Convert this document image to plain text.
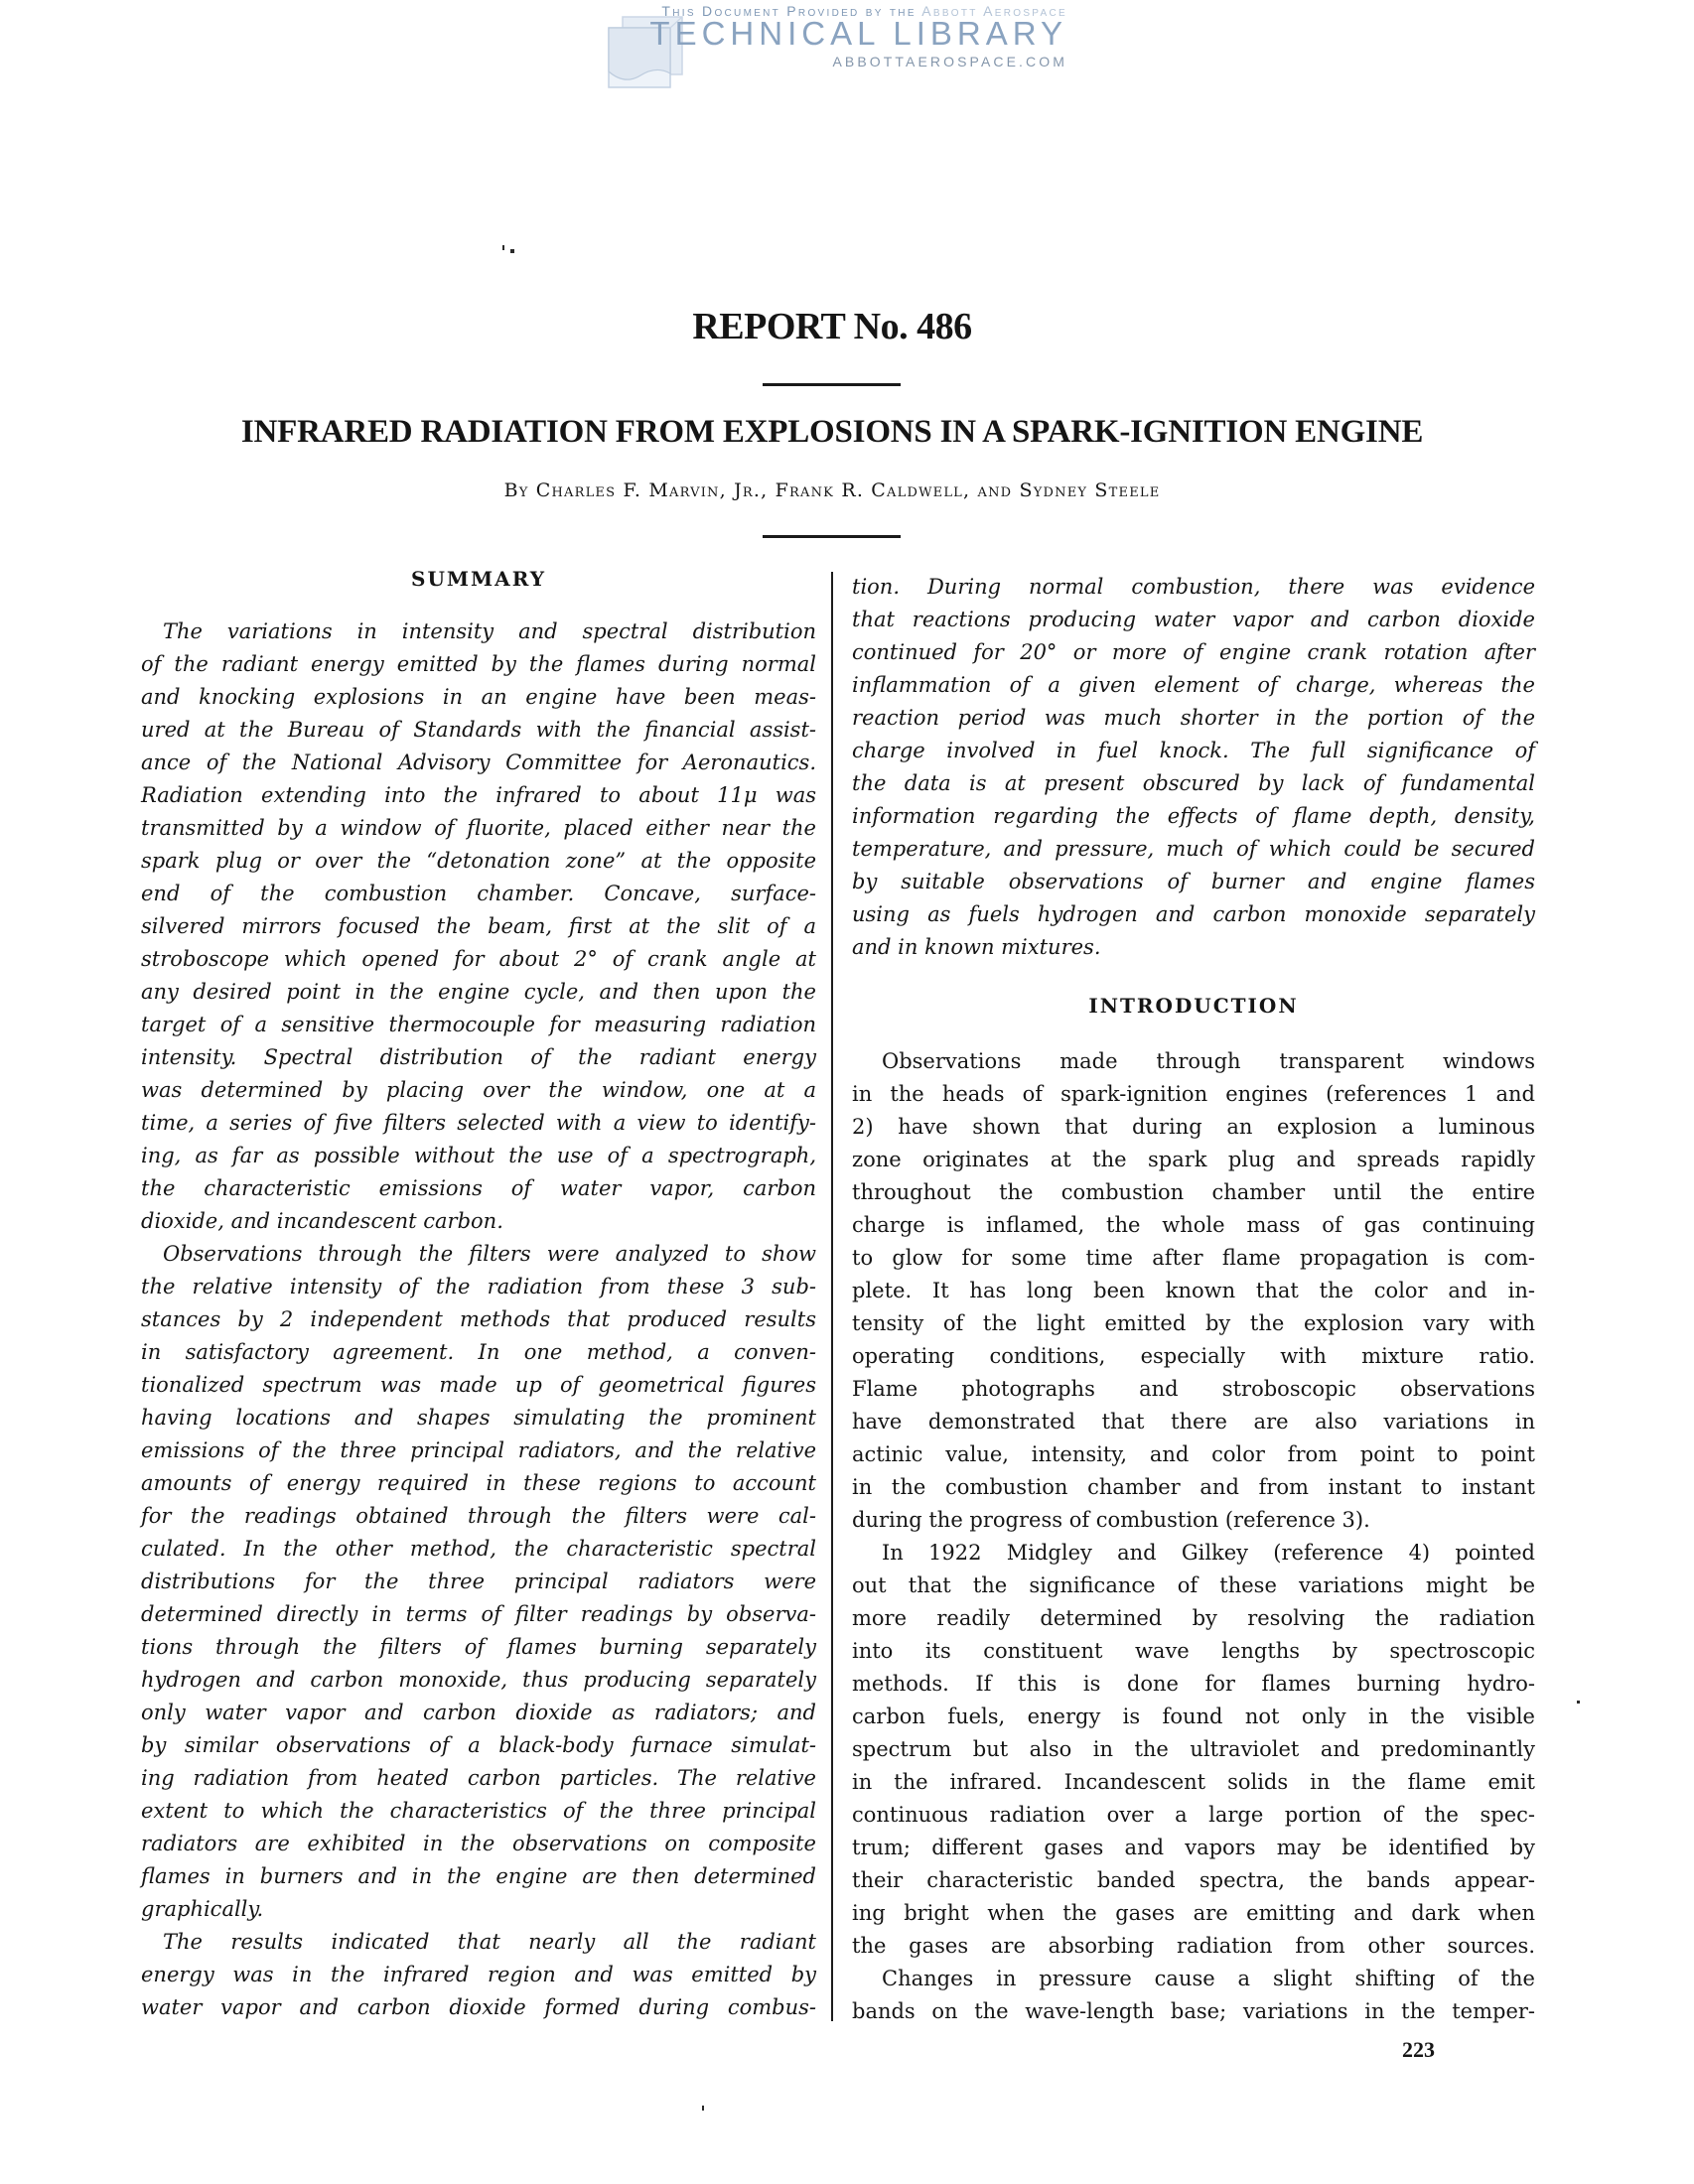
This Document Provided by the Abbott Aerospace
TECHNICAL LIBRARY
ABBOTTAEROSPACE.COM
REPORT No. 486
INFRARED RADIATION FROM EXPLOSIONS IN A SPARK-IGNITION ENGINE
By Charles F. Marvin, Jr., Frank R. Caldwell, and Sydney Steele
SUMMARY
The variations in intensity and spectral distribution
of the radiant energy emitted by the flames during normal
and knocking explosions in an engine have been meas-
ured at the Bureau of Standards with the financial assist-
ance of the National Advisory Committee for Aeronautics.
Radiation extending into the infrared to about 11μ was
transmitted by a window of fluorite, placed either near the
spark plug or over the “detonation zone” at the opposite
end of the combustion chamber. Concave, surface-
silvered mirrors focused the beam, first at the slit of a
stroboscope which opened for about 2° of crank angle at
any desired point in the engine cycle, and then upon the
target of a sensitive thermocouple for measuring radiation
intensity. Spectral distribution of the radiant energy
was determined by placing over the window, one at a
time, a series of five filters selected with a view to identify-
ing, as far as possible without the use of a spectrograph,
the characteristic emissions of water vapor, carbon
dioxide, and incandescent carbon.
Observations through the filters were analyzed to show
the relative intensity of the radiation from these 3 sub-
stances by 2 independent methods that produced results
in satisfactory agreement. In one method, a conven-
tionalized spectrum was made up of geometrical figures
having locations and shapes simulating the prominent
emissions of the three principal radiators, and the relative
amounts of energy required in these regions to account
for the readings obtained through the filters were cal-
culated. In the other method, the characteristic spectral
distributions for the three principal radiators were
determined directly in terms of filter readings by observa-
tions through the filters of flames burning separately
hydrogen and carbon monoxide, thus producing separately
only water vapor and carbon dioxide as radiators; and
by similar observations of a black-body furnace simulat-
ing radiation from heated carbon particles. The relative
extent to which the characteristics of the three principal
radiators are exhibited in the observations on composite
flames in burners and in the engine are then determined
graphically.
The results indicated that nearly all the radiant
energy was in the infrared region and was emitted by
water vapor and carbon dioxide formed during combus-
tion. During normal combustion, there was evidence
that reactions producing water vapor and carbon dioxide
continued for 20° or more of engine crank rotation after
inflammation of a given element of charge, whereas the
reaction period was much shorter in the portion of the
charge involved in fuel knock. The full significance of
the data is at present obscured by lack of fundamental
information regarding the effects of flame depth, density,
temperature, and pressure, much of which could be secured
by suitable observations of burner and engine flames
using as fuels hydrogen and carbon monoxide separately
and in known mixtures.
INTRODUCTION
Observations made through transparent windows
in the heads of spark-ignition engines (references 1 and
2) have shown that during an explosion a luminous
zone originates at the spark plug and spreads rapidly
throughout the combustion chamber until the entire
charge is inflamed, the whole mass of gas continuing
to glow for some time after flame propagation is com-
plete. It has long been known that the color and in-
tensity of the light emitted by the explosion vary with
operating conditions, especially with mixture ratio.
Flame photographs and stroboscopic observations
have demonstrated that there are also variations in
actinic value, intensity, and color from point to point
in the combustion chamber and from instant to instant
during the progress of combustion (reference 3).
In 1922 Midgley and Gilkey (reference 4) pointed
out that the significance of these variations might be
more readily determined by resolving the radiation
into its constituent wave lengths by spectroscopic
methods. If this is done for flames burning hydro-
carbon fuels, energy is found not only in the visible
spectrum but also in the ultraviolet and predominantly
in the infrared. Incandescent solids in the flame emit
continuous radiation over a large portion of the spec-
trum; different gases and vapors may be identified by
their characteristic banded spectra, the bands appear-
ing bright when the gases are emitting and dark when
the gases are absorbing radiation from other sources.
Changes in pressure cause a slight shifting of the
bands on the wave-length base; variations in the temper-
223
